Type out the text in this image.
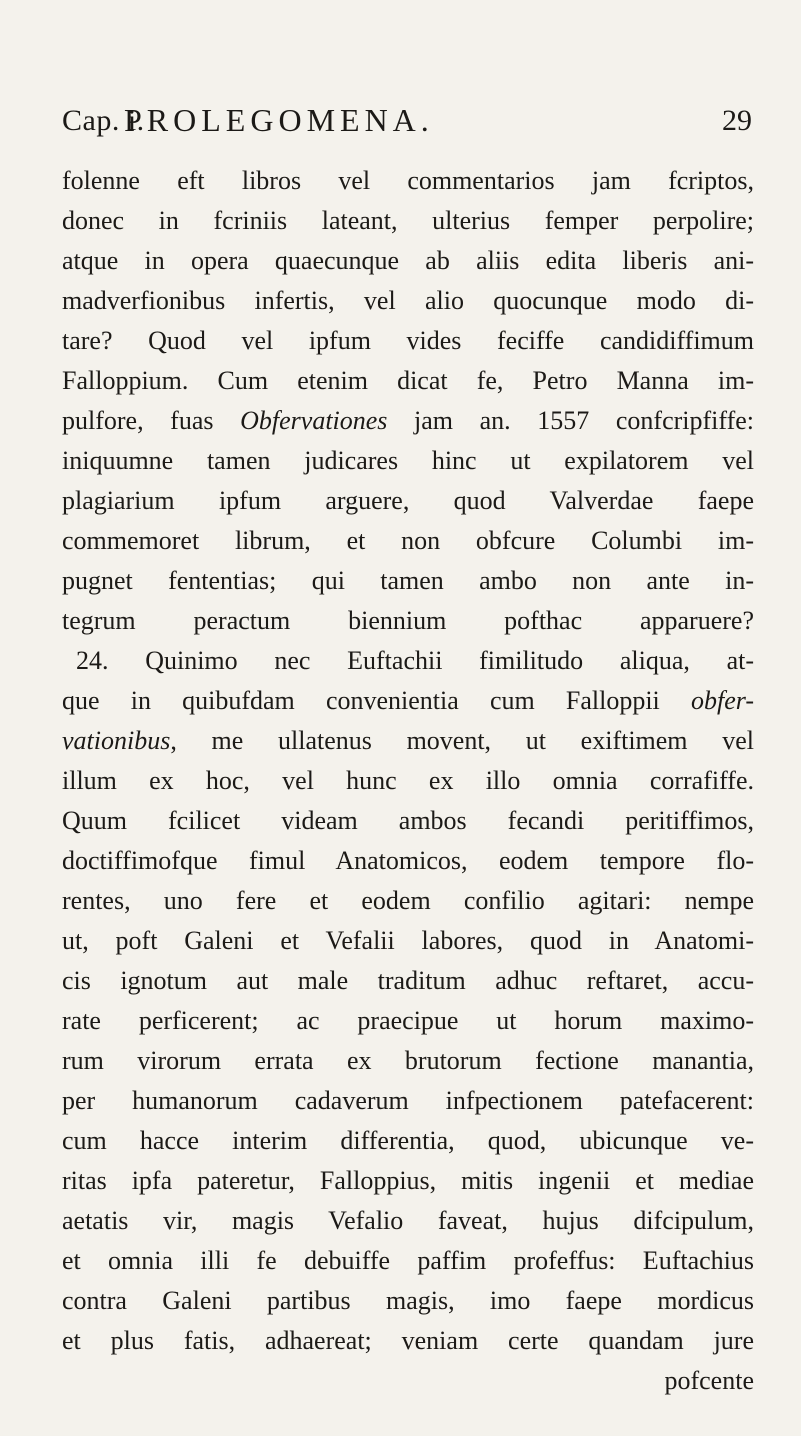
Cap. i.
PROLEGOMENA.	29
folenne eft libros vel commentarios jam fcriptos,
donec in fcriniis lateant, ulterius femper perpolire;
atque in opera quaecunque ab aliis edita liberis ani-
madverfionibus infertis, vel alio quocunque modo di-
tare? Quod vel ipfum vides feciffe candidiffimum
Falloppium. Cum etenim dicat fe, Petro Manna im-
pulfore, fuas Obfervationes jam an. 1557 confcripfiffe:
iniquumne tamen judicares hinc ut expilatorem vel
plagiarium ipfum arguere, quod Valverdae faepe
commemoret librum, et non obfcure Columbi im-
pugnet fententias; qui tamen ambo non ante in-
tegrum peractum biennium pofthac apparuere?
24. Quinimo nec Euftachii fimilitudo aliqua, at-
que in quibufdam convenientia cum Falloppii obfer-
vationibus, me ullatenus movent, ut exiftimem vel
illum ex hoc, vel hunc ex illo omnia corrafiffe.
Quum fcilicet videam ambos fecandi peritiffimos,
doctiffimofque fimul Anatomicos, eodem tempore flo-
rentes, uno fere et eodem confilio agitari: nempe
ut, poft Galeni et Vefalii labores, quod in Anatomi-
cis ignotum aut male traditum adhuc reftaret, accu-
rate perficerent; ac praecipue ut horum maximo-
rum virorum errata ex brutorum fectione manantia,
per humanorum cadaverum infpectionem patefacerent:
cum hacce interim differentia, quod, ubicunque ve-
ritas ipfa pateretur, Falloppius, mitis ingenii et mediae
aetatis vir, magis Vefalio faveat, hujus difcipulum,
et omnia illi fe debuiffe paffim profeffus: Euftachius
contra Galeni partibus magis, imo faepe mordicus
et plus fatis, adhaereat; veniam certe quandam jure
pofcente
